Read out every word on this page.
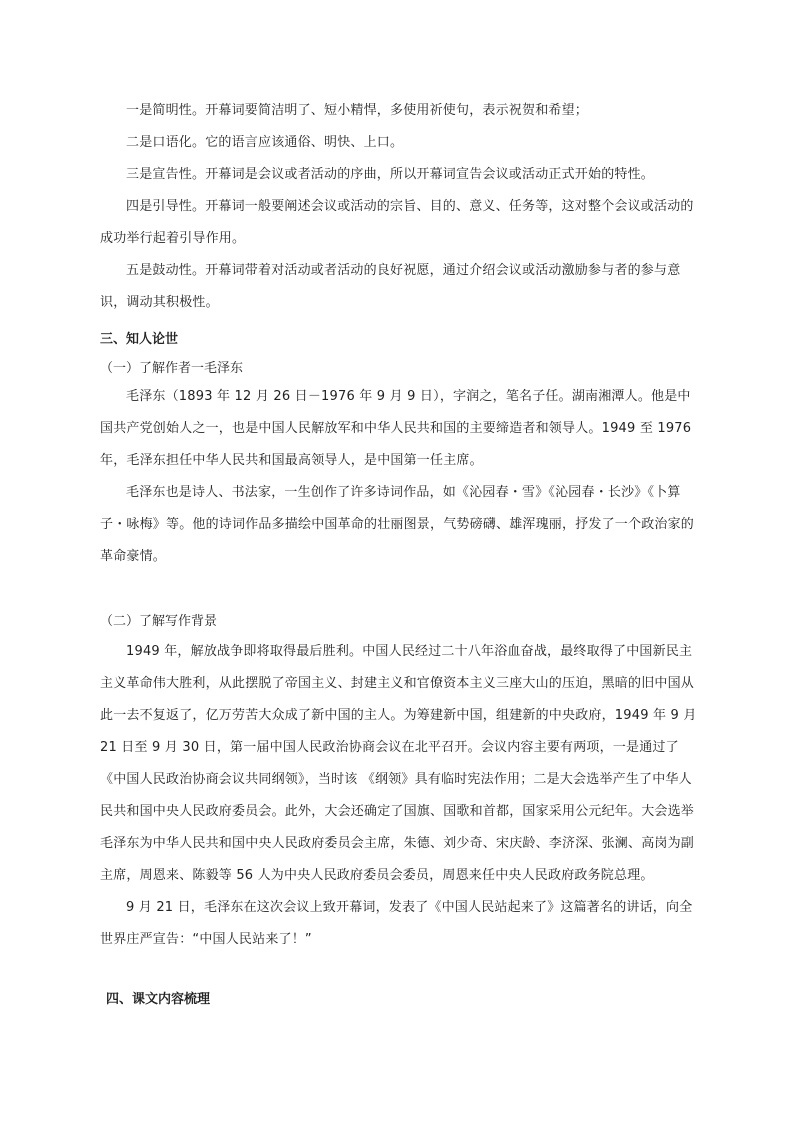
一是简明性。开幕词要简洁明了、短小精悍，多使用祈使句，表示祝贺和希望；

二是口语化。它的语言应该通俗、明快、上口。

三是宣告性。开幕词是会议或者活动的序曲，所以开幕词宣告会议或活动正式开始的特性。

四是引导性。开幕词一般要阐述会议或活动的宗旨、目的、意义、任务等，这对整个会议或活动的成功举行起着引导作用。

五是鼓动性。开幕词带着对活动或者活动的良好祝愿，通过介绍会议或活动激励参与者的参与意识，调动其积极性。

三、知人论世

（一）了解作者一毛泽东

毛泽东（1893 年 12 月 26 日－1976 年 9 月 9 日），字润之，笔名子任。湖南湘潭人。他是中国共产党创始人之一，也是中国人民解放军和中华人民共和国的主要缔造者和领导人。1949 至 1976 年，毛泽东担任中华人民共和国最高领导人，是中国第一任主席。

毛泽东也是诗人、书法家，一生创作了许多诗词作品，如《沁园春・雪》《沁园春・长沙》《卜算子・咏梅》等。他的诗词作品多描绘中国革命的壮丽图景，气势磅礴、雄浑瑰丽，抒发了一个政治家的革命豪情。

（二）了解写作背景

1949 年，解放战争即将取得最后胜利。中国人民经过二十八年浴血奋战，最终取得了中国新民主主义革命伟大胜利，从此摆脱了帝国主义、封建主义和官僚资本主义三座大山的压迫，黑暗的旧中国从此一去不复返了，亿万劳苦大众成了新中国的主人。为筹建新中国，组建新的中央政府，1949 年 9 月 21 日至 9 月 30 日，第一届中国人民政治协商会议在北平召开。会议内容主要有两项，一是通过了《中国人民政治协商会议共同纲领》，当时该 《纲领》具有临时宪法作用；二是大会选举产生了中华人民共和国中央人民政府委员会。此外，大会还确定了国旗、国歌和首都，国家采用公元纪年。大会选举毛泽东为中华人民共和国中央人民政府委员会主席，朱德、刘少奇、宋庆龄、李济深、张澜、高岗为副主席，周恩来、陈毅等 56 人为中央人民政府委员会委员，周恩来任中央人民政府政务院总理。

9 月 21 日，毛泽东在这次会议上致开幕词，发表了《中国人民站起来了》这篇著名的讲话，向全世界庄严宣告：“中国人民站来了！”

四、课文内容梳理
